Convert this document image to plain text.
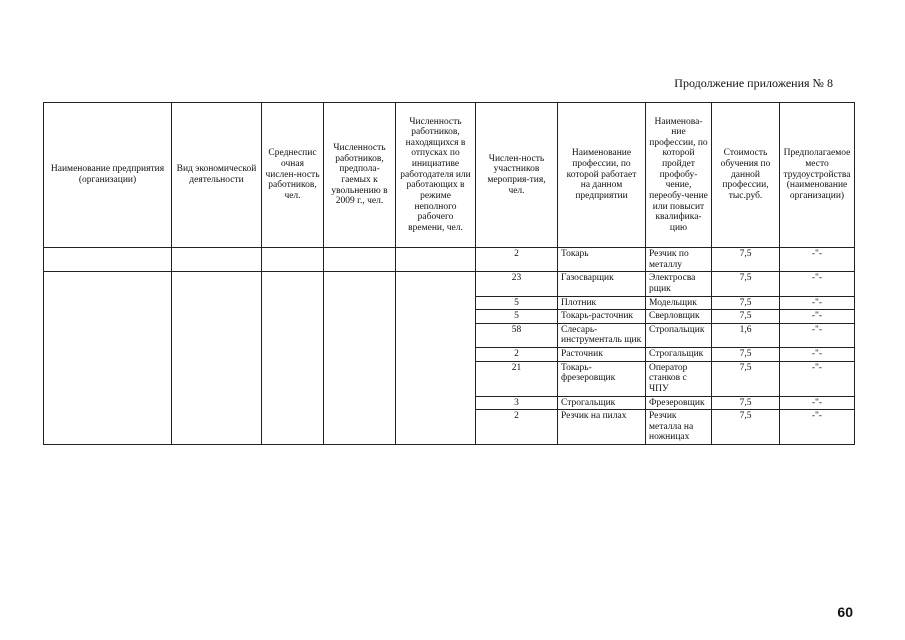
Продолжение приложения № 8
Наименование предприятия (организации)	Вид экономической деятельности	Среднеспис очная числен-ность работников, чел.	Численность работников, предпола-гаемых к увольнению в 2009 г., чел.	Численность работников, находящихся в отпусках по инициативе работодателя или работающих в режиме неполного рабочего времени, чел.	Числен-ность участников мероприя-тия, чел.	Наименование профессии, по которой работает на данном предприятии	Наименова-ние профессии, по которой пройдет профобу-чение, переобу-чение или повысит квалифика-цию	Стоимость обучения по данной профессии, тыс.руб.	Предполагаемое место трудоустройства (наименование организации)
					2	Токарь	Резчик по металлу	7,5	-"-
					23	Газосварщик	Электросва рщик	7,5	-"-
					5	Плотник	Модельщик	7,5	-"-
					5	Токарь-расточник	Сверловщик	7,5	-"-
					58	Слесарь-инструменталь щик	Стропальщик	1,6	-"-
					2	Расточник	Строгальщик	7,5	-"-
					21	Токарь-фрезеровщик	Оператор станков с ЧПУ	7,5	-"-
					3	Строгальщик	Фрезеровщик	7,5	-"-
					2	Резчик на пилах	Резчик металла на ножницах	7,5	-"-
60
